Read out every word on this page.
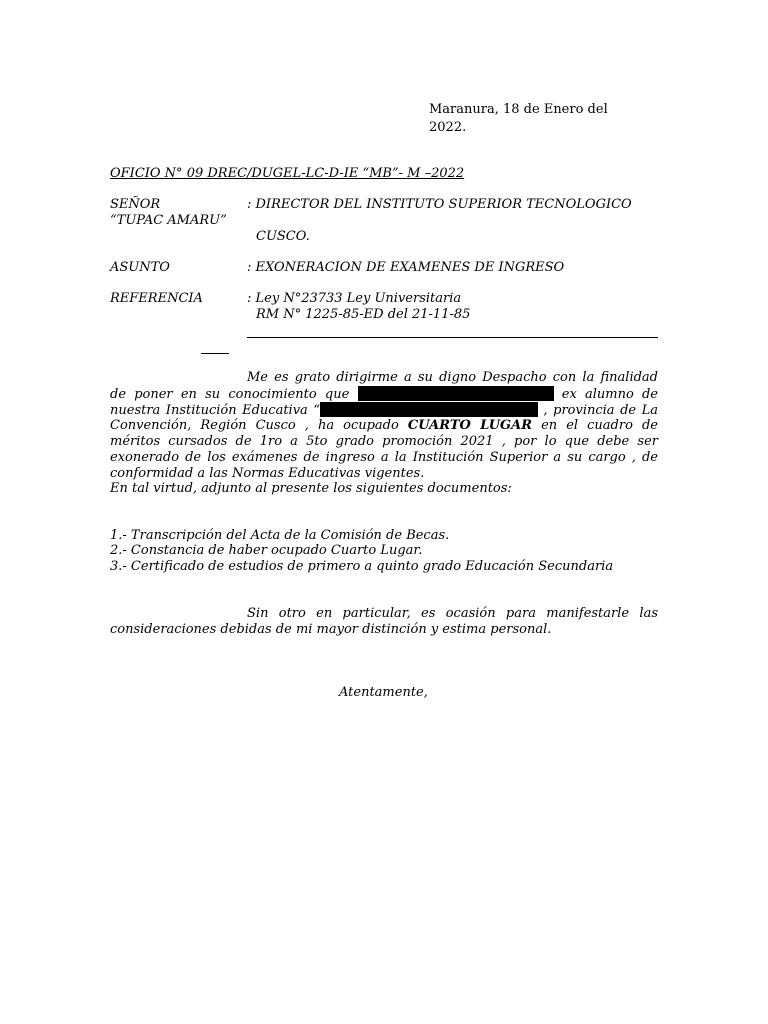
Maranura, 18 de Enero del
2022.
OFICIO N° 09 DREC/DUGEL-LC-D-IE “MB”- M –2022
SEÑOR	: DIRECTOR DEL INSTITUTO SUPERIOR TECNOLOGICO
“TUPAC AMARU”
CUSCO.
ASUNTO	: EXONERACION DE EXAMENES DE INGRESO
REFERENCIA	: Ley N°23733 Ley Universitaria
RM N° 1225-85-ED del 21-11-85
Me es grato dirigirme a su digno Despacho con la finalidad
de poner en su conocimiento que	ex alumno de
nuestra Institución Educativa “	, provincia de La
Convención, Región Cusco , ha ocupado CUARTO LUGAR en el cuadro de
méritos cursados de 1ro a 5to grado promoción 2021 , por lo que debe ser
exonerado de los exámenes de ingreso a la Institución Superior a su cargo , de
conformidad a las Normas Educativas vigentes.
En tal virtud, adjunto al presente los siguientes documentos:
1.- Transcripción del Acta de la Comisión de Becas.
2.- Constancia de haber ocupado Cuarto Lugar.
3.- Certificado de estudios de primero a quinto grado Educación Secundaria
Sin otro en particular, es ocasión para manifestarle las
consideraciones debidas de mi mayor distinción y estima personal.
Atentamente,
